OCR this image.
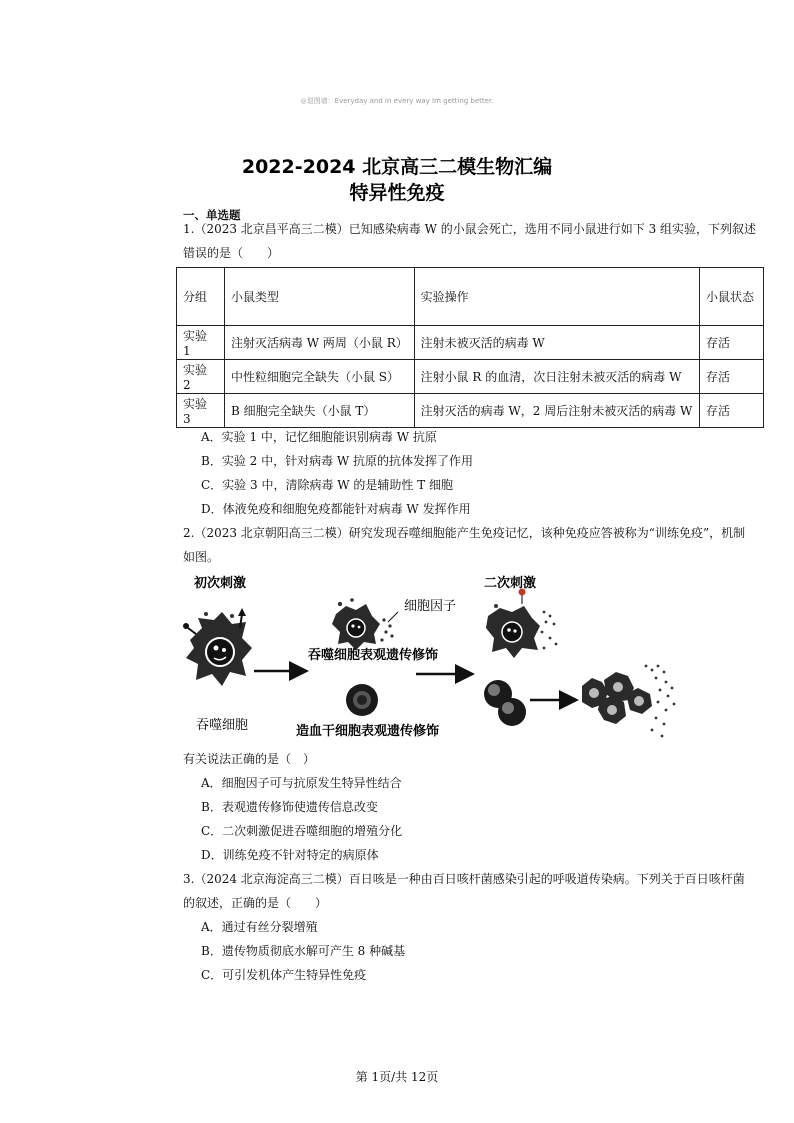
◎退图谱：Everyday and in every way Im getting better.
2022-2024 北京高三二模生物汇编
特异性免疫
一、单选题
1.（2023 北京昌平高三二模）已知感染病毒 W 的小鼠会死亡，选用不同小鼠进行如下 3 组实验，下列叙述
错误的是（　　）
分组	小鼠类型	实验操作	小鼠状态
实验 1	注射灭活病毒 W 两周（小鼠 R）	注射未被灭活的病毒 W	存活
实验 2	中性粒细胞完全缺失（小鼠 S）	注射小鼠 R 的血清，次日注射未被灭活的病毒 W	存活
实验 3	B 细胞完全缺失（小鼠 T）	注射灭活的病毒 W，2 周后注射未被灭活的病毒 W	存活
A．实验 1 中，记忆细胞能识别病毒 W 抗原
B．实验 2 中，针对病毒 W 抗原的抗体发挥了作用
C．实验 3 中，清除病毒 W 的是辅助性 T 细胞
D．体液免疫和细胞免疫都能针对病毒 W 发挥作用
2.（2023 北京朝阳高三二模）研究发现吞噬细胞能产生免疫记忆，该种免疫应答被称为“训练免疫”，机制
如图。
初次刺激	二次刺激
细胞因子
吞噬细胞表观遗传修饰
吞噬细胞	造血干细胞表观遗传修饰
有关说法正确的是（　）
A．细胞因子可与抗原发生特异性结合
B．表观遗传修饰使遗传信息改变
C．二次刺激促进吞噬细胞的增殖分化
D．训练免疫不针对特定的病原体
3.（2024 北京海淀高三二模）百日咳是一种由百日咳杆菌感染引起的呼吸道传染病。下列关于百日咳杆菌
的叙述，正确的是（　　）
A．通过有丝分裂增殖
B．遗传物质彻底水解可产生 8 种碱基
C．可引发机体产生特异性免疫
第 1页/共 12页
